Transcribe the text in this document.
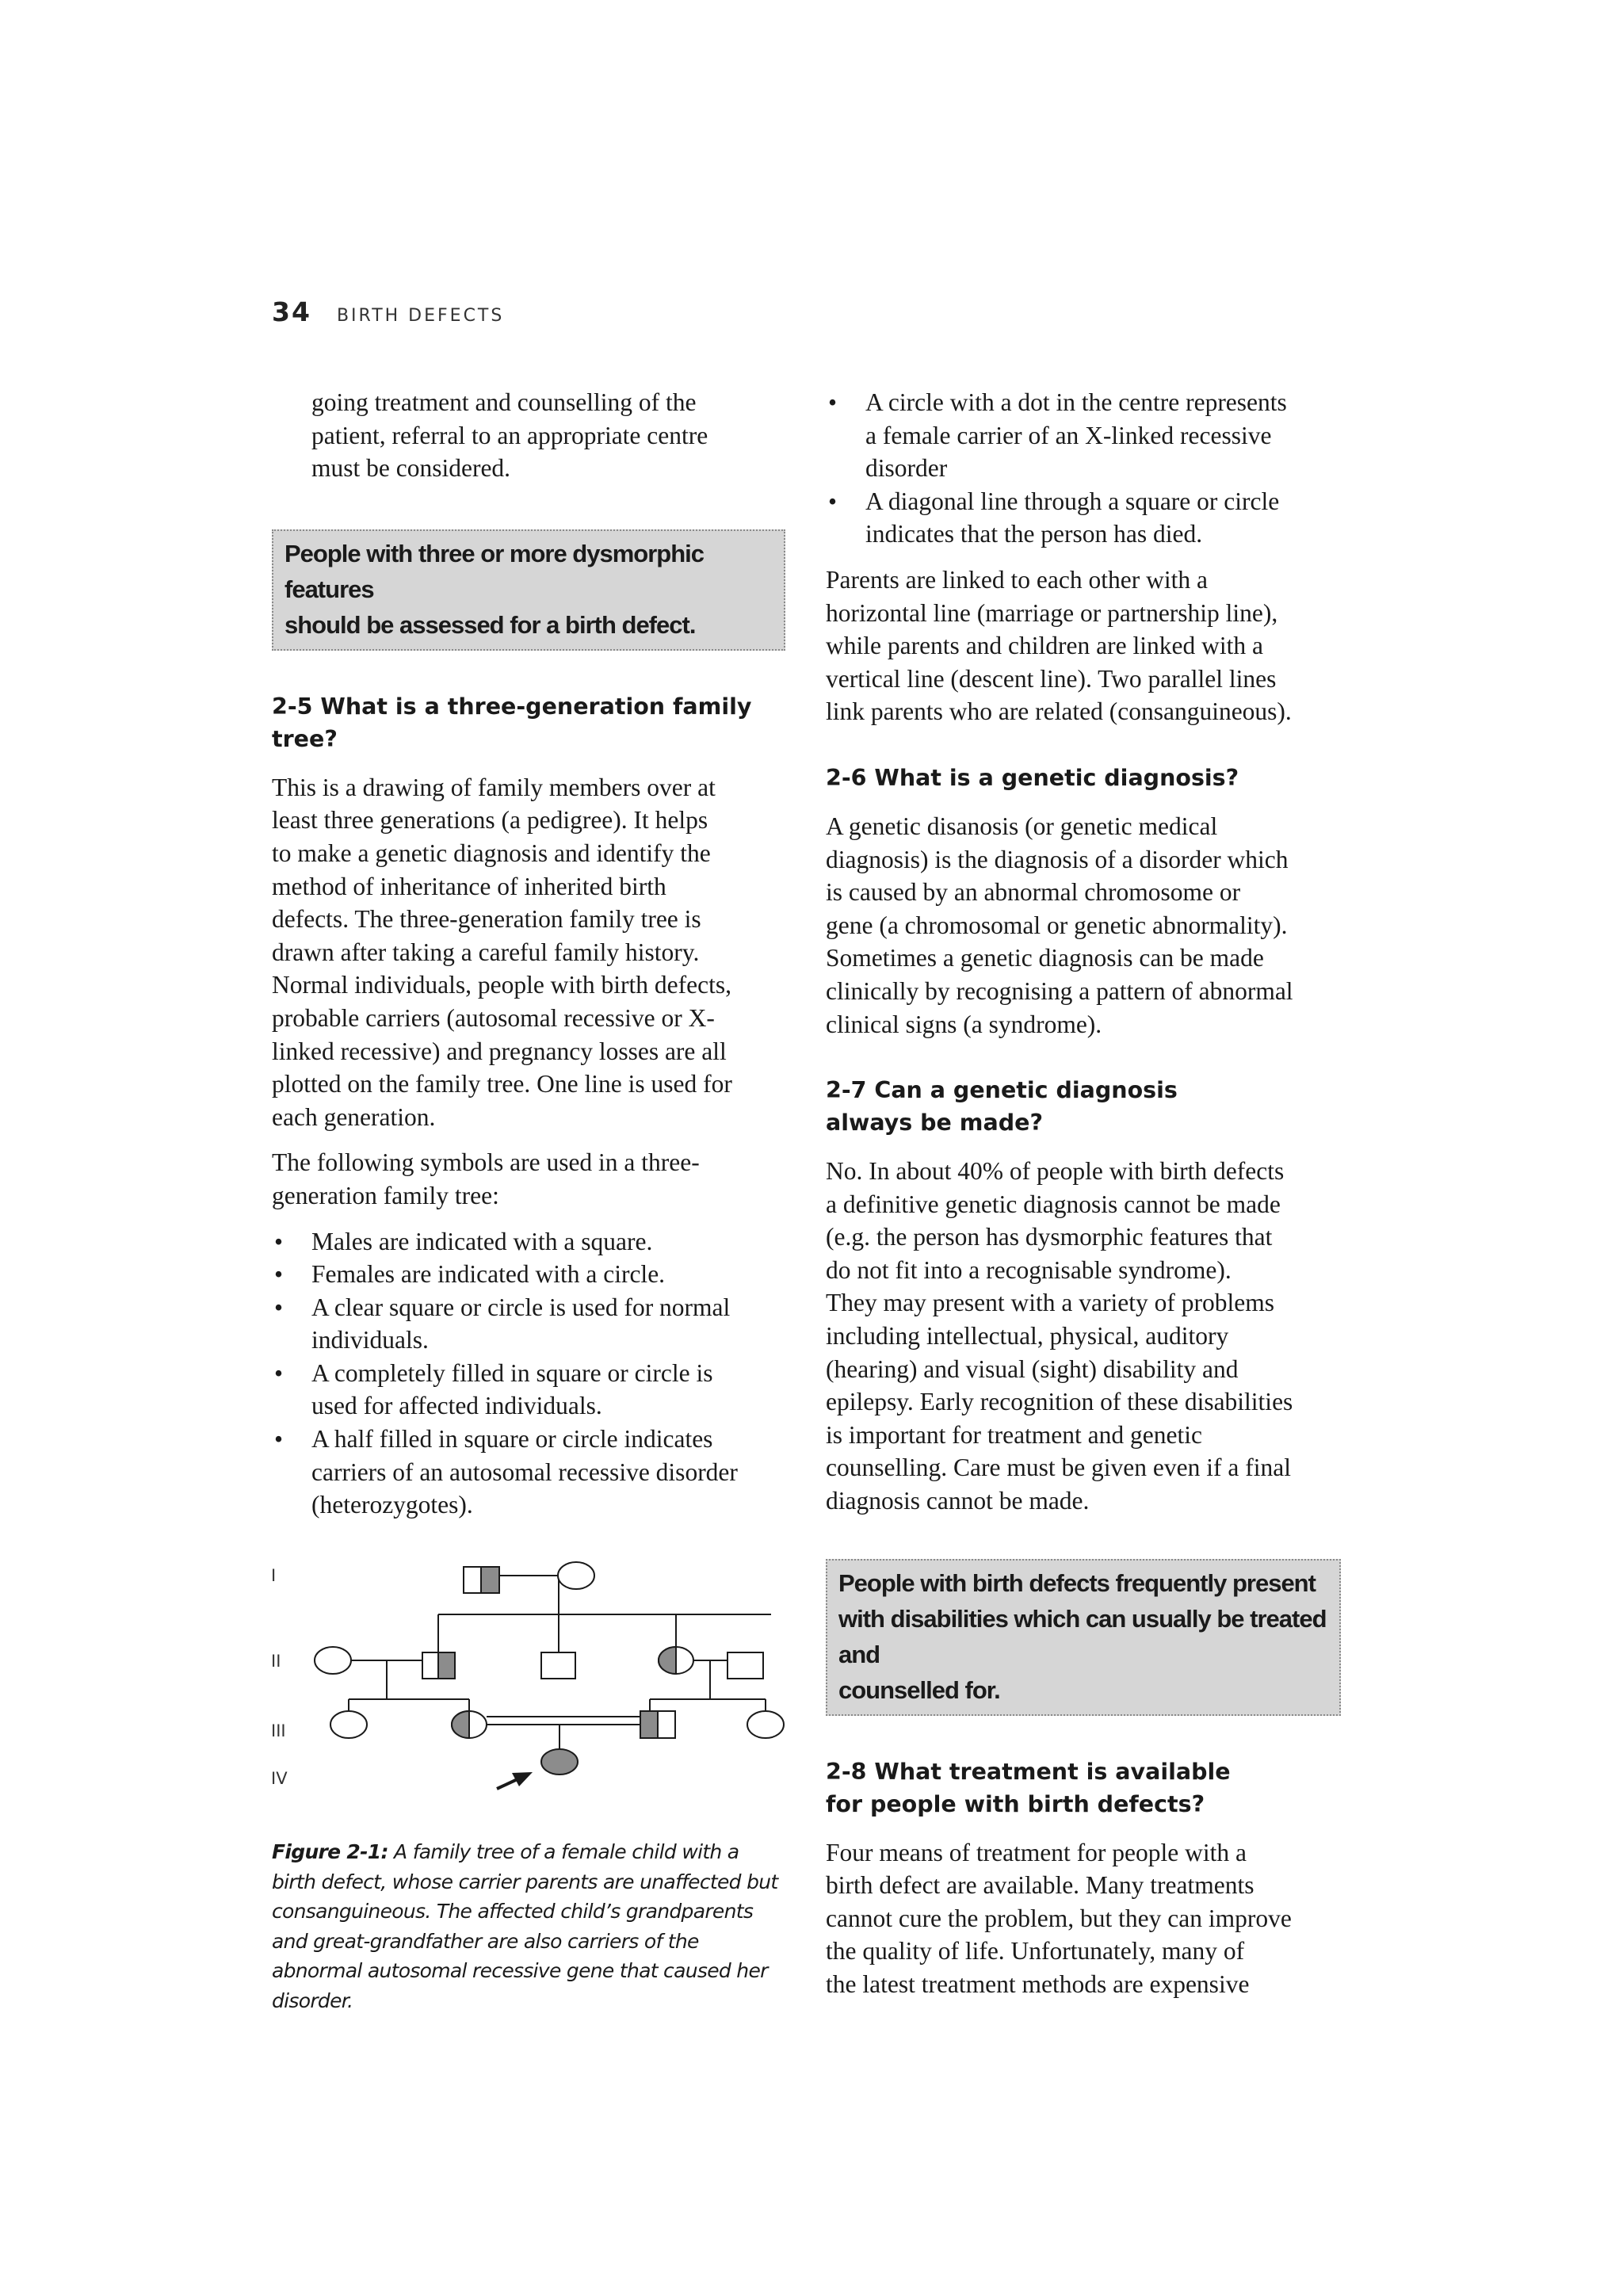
34 BIRTH DEFECTS

going treatment and counselling of the
patient, referral to an appropriate centre
must be considered.

People with three or more dysmorphic features
should be assessed for a birth defect.
2-5 What is a three-generation family tree?

This is a drawing of family members over at
least three generations (a pedigree). It helps
to make a genetic diagnosis and identify the
method of inheritance of inherited birth
defects. The three-generation family tree is
drawn after taking a careful family history.
Normal individuals, people with birth defects,
probable carriers (autosomal recessive or X-
linked recessive) and pregnancy losses are all
plotted on the family tree. One line is used for
each generation.

The following symbols are used in a three-
generation family tree:

• Males are indicated with a square.
• Females are indicated with a circle.
• A clear square or circle is used for normal
individuals.
• A completely filled in square or circle is
used for affected individuals.
• A half filled in square or circle indicates
carriers of an autosomal recessive disorder
(heterozygotes).
I
II
III
IV
Figure 2-1: A family tree of a female child with a birth defect, whose carrier parents are unaffected but consanguineous. The affected child’s grandparents and great-grandfather are also carriers of the abnormal autosomal recessive gene that caused her disorder.
• A circle with a dot in the centre represents
a female carrier of an X-linked recessive
disorder
• A diagonal line through a square or circle
indicates that the person has died.

Parents are linked to each other with a
horizontal line (marriage or partnership line),
while parents and children are linked with a
vertical line (descent line). Two parallel lines
link parents who are related (consanguineous).

2-6 What is a genetic diagnosis?

A genetic disanosis (or genetic medical
diagnosis) is the diagnosis of a disorder which
is caused by an abnormal chromosome or
gene (a chromosomal or genetic abnormality).
Sometimes a genetic diagnosis can be made
clinically by recognising a pattern of abnormal
clinical signs (a syndrome).

2-7 Can a genetic diagnosis
always be made?

No. In about 40% of people with birth defects
a definitive genetic diagnosis cannot be made
(e.g. the person has dysmorphic features that
do not fit into a recognisable syndrome).
They may present with a variety of problems
including intellectual, physical, auditory
(hearing) and visual (sight) disability and
epilepsy. Early recognition of these disabilities
is important for treatment and genetic
counselling. Care must be given even if a final
diagnosis cannot be made.

People with birth defects frequently present
with disabilities which can usually be treated and
counselled for.
2-8 What treatment is available
for people with birth defects?

Four means of treatment for people with a
birth defect are available. Many treatments
cannot cure the problem, but they can improve
the quality of life. Unfortunately, many of
the latest treatment methods are expensive
